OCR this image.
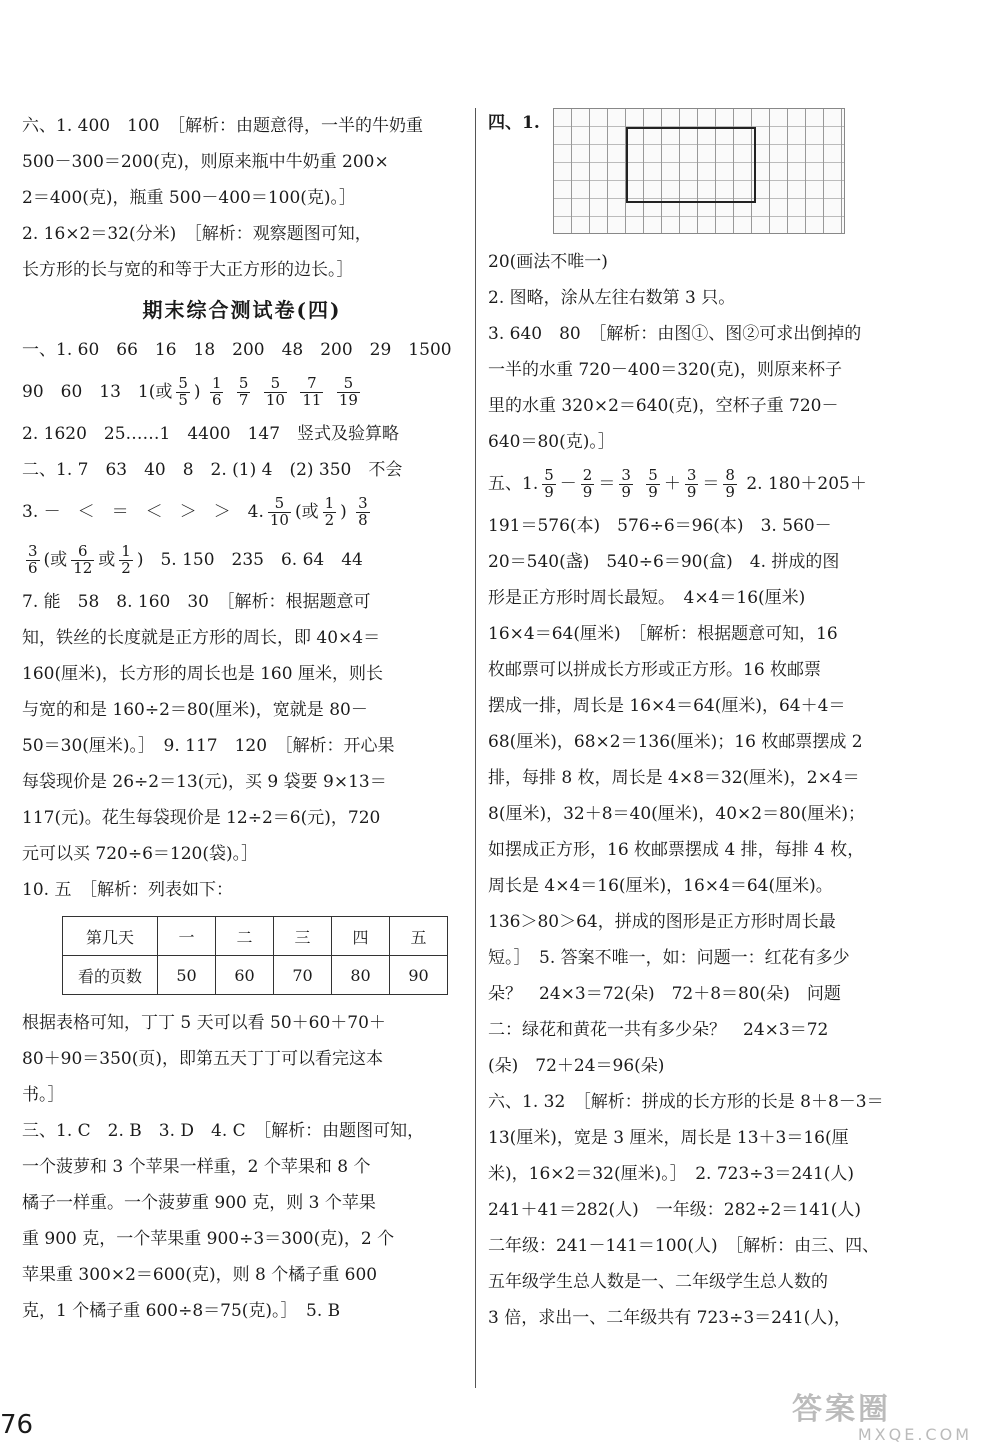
六、1. 400　100　［解析：由题意得，一半的牛奶重
500－300＝200(克)，则原来瓶中牛奶重 200×
2＝400(克)，瓶重 500－400＝100(克)。］
2. 16×2＝32(分米)　［解析：观察题图可知，
长方形的长与宽的和等于大正方形的边长。］
期末综合测试卷(四)
一、1. 60　66　16　18　200　48　200　29　1500
90　60　13　1(或 $\frac{5}{5}$ ) $\frac{1}{6}$
$\frac{5}{7}$
$\frac{5}{10}$
$\frac{7}{11}$
$\frac{5}{19}$
2. 1620　25……1　4400　147　竖式及验算略
二、1. 7　63　40　8　2. (1) 4　(2) 350　不会
3. －　＜　＝　＜　＞　＞　4. $\frac{5}{10}$ (或 $\frac{1}{2}$ ) $\frac{3}{8}$
$\frac{3}{6}$ (或 $\frac{6}{12}$ 或 $\frac{1}{2}$ )　5. 150　235　6. 64　44
7. 能　58　8. 160　30　［解析：根据题意可
知，铁丝的长度就是正方形的周长，即 40×4＝
160(厘米)，长方形的周长也是 160 厘米，则长
与宽的和是 160÷2＝80(厘米)，宽就是 80－
50＝30(厘米)。］　9. 117　120　［解析：开心果
每袋现价是 26÷2＝13(元)，买 9 袋要 9×13＝
117(元)。花生每袋现价是 12÷2＝6(元)，720
元可以买 720÷6＝120(袋)。］
10. 五　［解析：列表如下：
第几天	一	二	三	四	五
看的页数	50	60	70	80	90
根据表格可知，丁丁 5 天可以看 50＋60＋70＋
80＋90＝350(页)，即第五天丁丁可以看完这本
书。］
三、1. C　2. B　3. D　4. C　［解析：由题图可知，
一个菠萝和 3 个苹果一样重，2 个苹果和 8 个
橘子一样重。一个菠萝重 900 克，则 3 个苹果
重 900 克，一个苹果重 900÷3＝300(克)，2 个
苹果重 300×2＝600(克)，则 8 个橘子重 600
克，1 个橘子重 600÷8＝75(克)。］　5. B
四、1.
20(画法不唯一)
2. 图略，涂从左往右数第 3 只。
3. 640　80　［解析：由图①、图②可求出倒掉的
一半的水重 720－400＝320(克)，则原来杯子
里的水重 320×2＝640(克)，空杯子重 720－
640＝80(克)。］
五、1. $\frac{5}{9} - \frac{2}{9} = \frac{3}{9}$
$\frac{5}{9} + \frac{3}{9} = \frac{8}{9} 2$. 180＋205＋
191＝576(本)　576÷6＝96(本)　3. 560－
20＝540(盏)　540÷6＝90(盒)　4. 拼成的图
形是正方形时周长最短。　4×4＝16(厘米)
16×4＝64(厘米)　［解析：根据题意可知，16
枚邮票可以拼成长方形或正方形。16 枚邮票
摆成一排，周长是 16×4＝64(厘米)，64＋4＝
68(厘米)，68×2＝136(厘米)；16 枚邮票摆成 2
排，每排 8 枚，周长是 4×8＝32(厘米)，2×4＝
8(厘米)，32＋8＝40(厘米)，40×2＝80(厘米)；
如摆成正方形，16 枚邮票摆成 4 排，每排 4 枚，
周长是 4×4＝16(厘米)，16×4＝64(厘米)。
136＞80＞64，拼成的图形是正方形时周长最
短。］　5. 答案不唯一，如：问题一：红花有多少
朵？　24×3＝72(朵)　72＋8＝80(朵)　问题
二：绿花和黄花一共有多少朵？　24×3＝72
(朵)　72＋24＝96(朵)
六、1. 32　［解析：拼成的长方形的长是 8＋8－3＝
13(厘米)，宽是 3 厘米，周长是 13＋3＝16(厘
米)，16×2＝32(厘米)。］　2. 723÷3＝241(人)
241＋41＝282(人)　一年级：282÷2＝141(人)
二年级：241－141＝100(人)　［解析：由三、四、
五年级学生总人数是一、二年级学生总人数的
3 倍，求出一、二年级共有 723÷3＝241(人)，
76	答案圈
MXQE.COM
